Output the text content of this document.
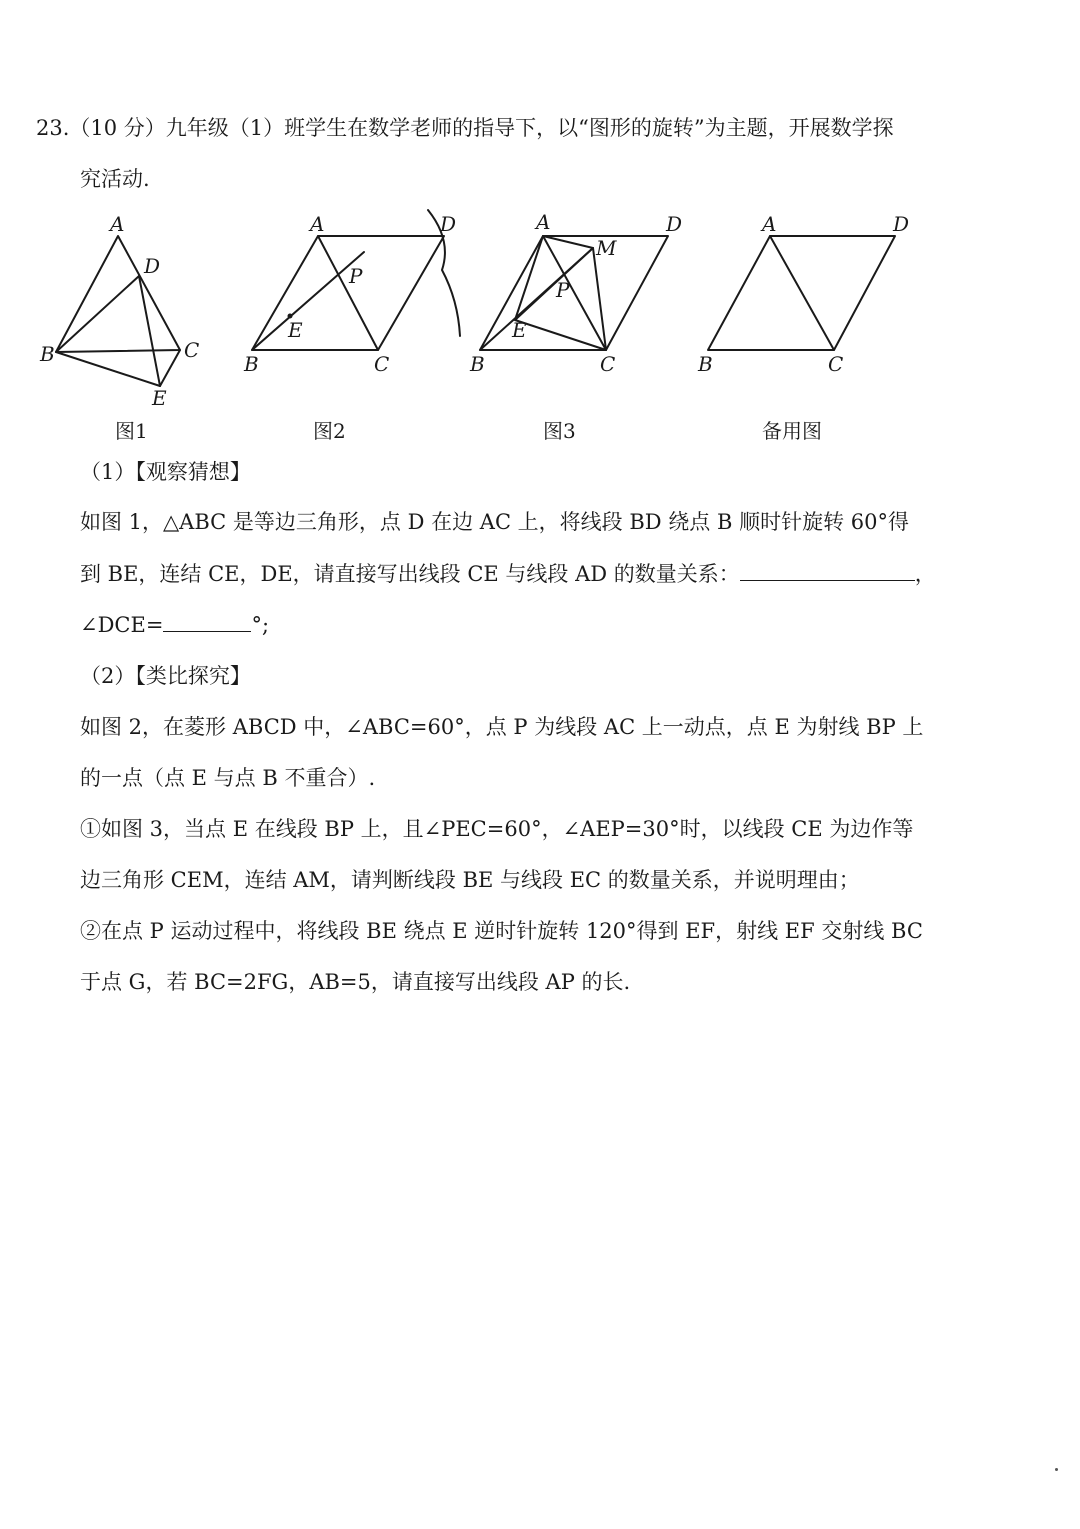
23.（10 分）九年级（1）班学生在数学老师的指导下，以“图形的旋转”为主题，开展数学探
究活动.
A
D
B	C
E
A	D
P
E
B	C
A	D
M
P
E
B	C
A	D
B	C
图1	图2	图3	备用图
（1）【观察猜想】
如图 1，△ABC 是等边三角形，点 D 在边 AC 上，将线段 BD 绕点 B 顺时针旋转 60°得
到 BE，连结 CE，DE，请直接写出线段 CE 与线段 AD 的数量关系：	，
∠DCE=	°;
（2）【类比探究】
如图 2，在菱形 ABCD 中，∠ABC=60°，点 P 为线段 AC 上一动点，点 E 为射线 BP 上
的一点（点 E 与点 B 不重合）.
①如图 3，当点 E 在线段 BP 上，且∠PEC=60°，∠AEP=30°时，以线段 CE 为边作等
边三角形 CEM，连结 AM，请判断线段 BE 与线段 EC 的数量关系，并说明理由；
②在点 P 运动过程中，将线段 BE 绕点 E 逆时针旋转 120°得到 EF，射线 EF 交射线 BC
于点 G，若 BC=2FG，AB=5，请直接写出线段 AP 的长.
